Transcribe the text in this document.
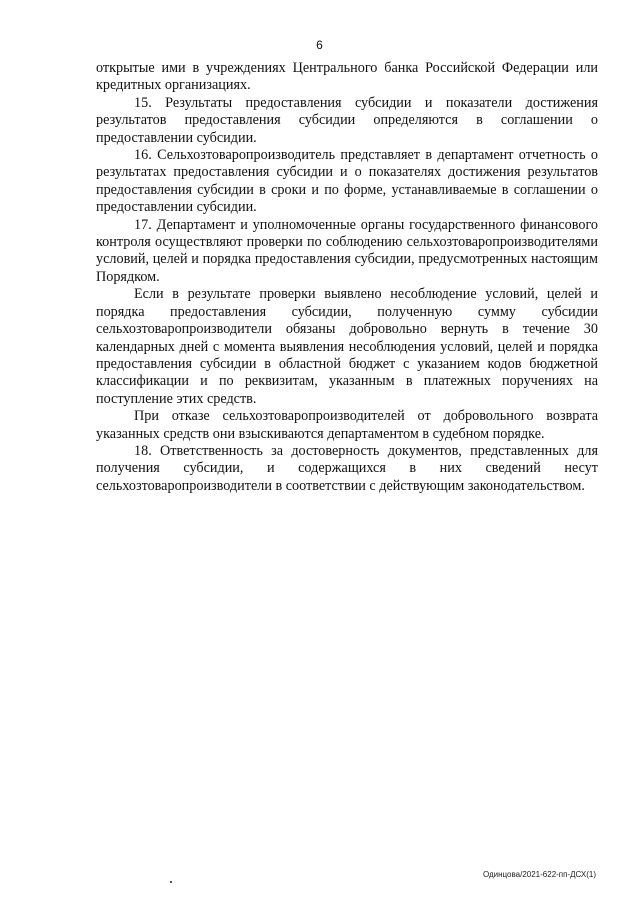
6

открытые ими в учреждениях Центрального банка Российской Федерации или кредитных организациях.

15. Результаты предоставления субсидии и показатели достижения результатов предоставления субсидии определяются в соглашении о предоставлении субсидии.

16. Сельхозтоваропроизводитель представляет в департамент отчетность о результатах предоставления субсидии и о показателях достижения результатов предоставления субсидии в сроки и по форме, устанавливаемые в соглашении о предоставлении субсидии.

17. Департамент и уполномоченные органы государственного финансового контроля осуществляют проверки по соблюдению сельхозтоваропроизводителями условий, целей и порядка предоставления субсидии, предусмотренных настоящим Порядком.

Если в результате проверки выявлено несоблюдение условий, целей и порядка предоставления субсидии, полученную сумму субсидии сельхозтоваропроизводители обязаны добровольно вернуть в течение 30 календарных дней с момента выявления несоблюдения условий, целей и порядка предоставления субсидии в областной бюджет с указанием кодов бюджетной классификации и по реквизитам, указанным в платежных поручениях на поступление этих средств.

При отказе сельхозтоваропроизводителей от добровольного возврата указанных средств они взыскиваются департаментом в судебном порядке.

18. Ответственность за достоверность документов, представленных для получения субсидии, и содержащихся в них сведений несут сельхозтоваропроизводители в соответствии с действующим законодательством.

Одинцова/2021-622-пп-ДСХ(1)
